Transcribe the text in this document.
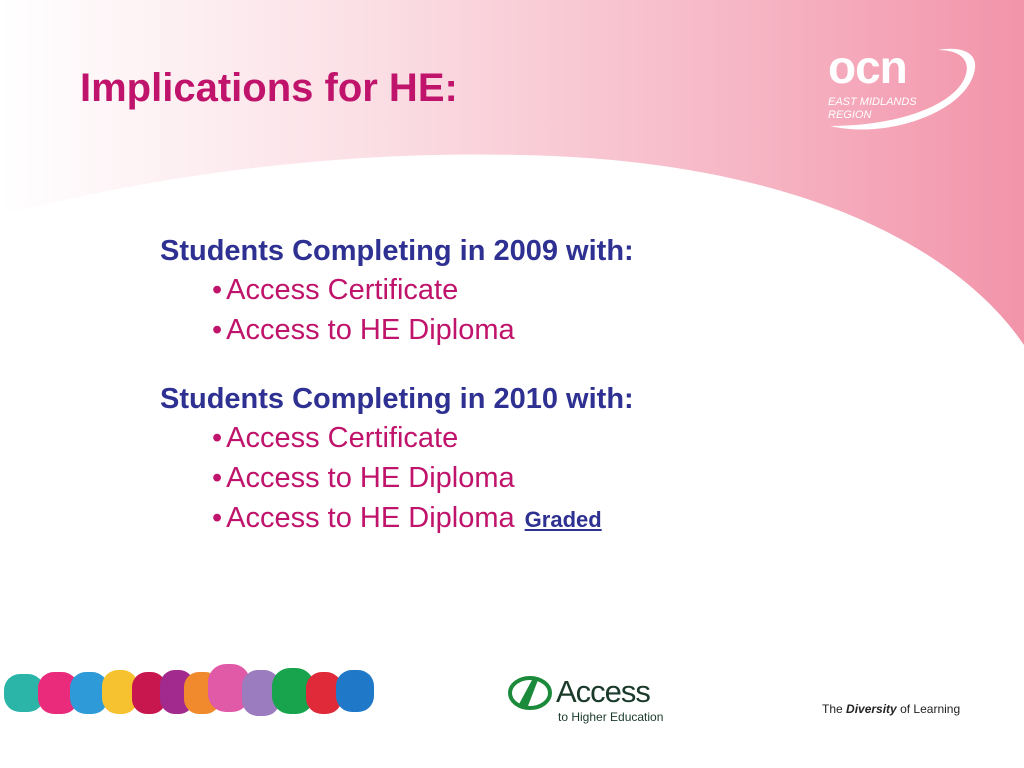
Implications for HE:	ocn
EAST MIDLANDS
REGION
Students Completing in 2009 with:
• Access Certificate
• Access to HE Diploma
Students Completing in 2010 with:
• Access Certificate
• Access to HE Diploma
• Access to HE Diploma Graded
Access
to Higher Education
The Diversity of Learning
